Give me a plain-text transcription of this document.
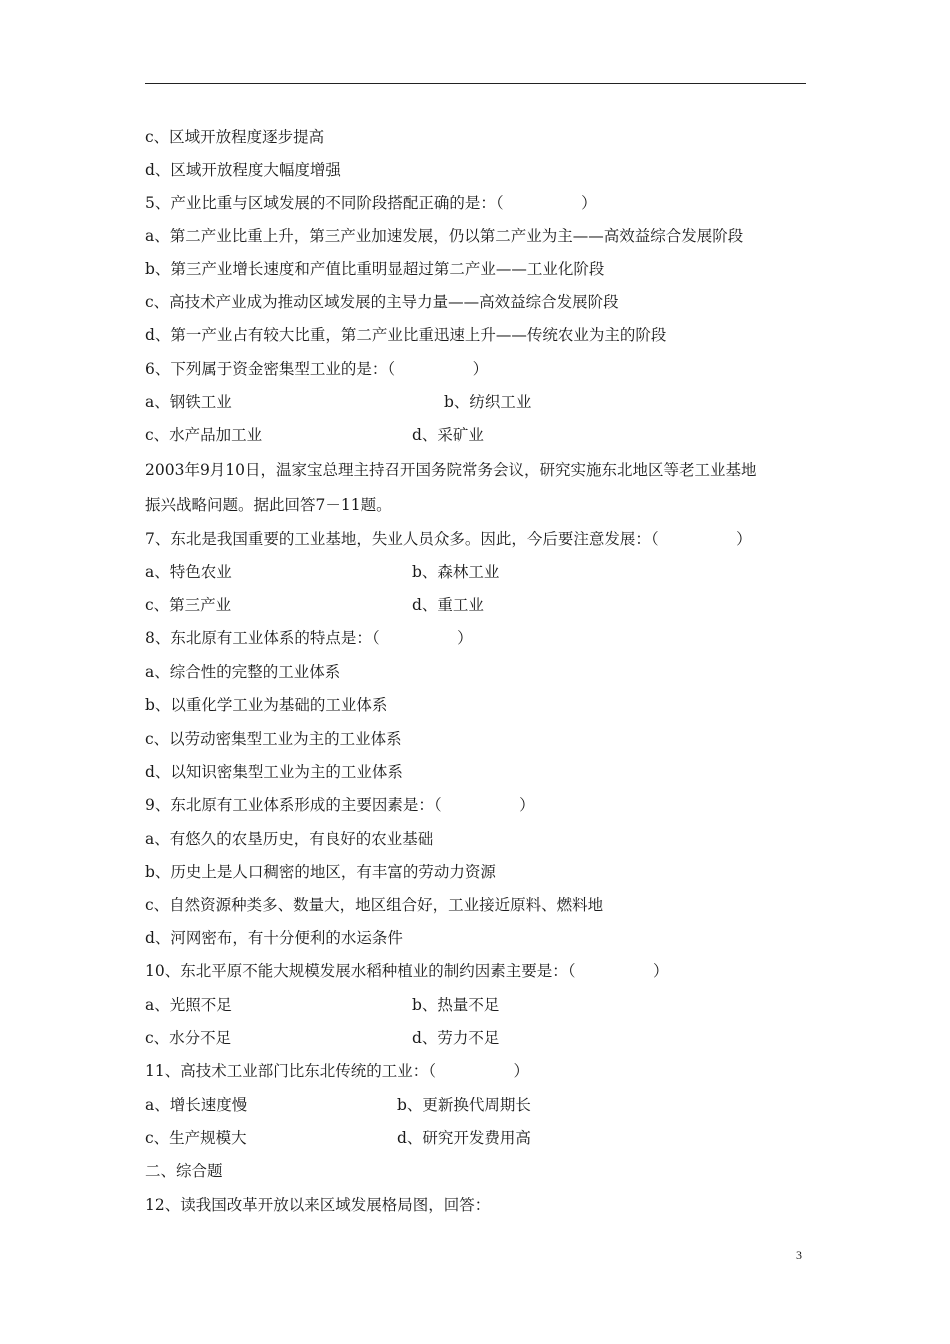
c、区域开放程度逐步提高
d、区域开放程度大幅度增强
5、产业比重与区域发展的不同阶段搭配正确的是：（　　　　　）
a、第二产业比重上升，第三产业加速发展，仍以第二产业为主——高效益综合发展阶段
b、第三产业增长速度和产值比重明显超过第二产业——工业化阶段
c、高技术产业成为推动区域发展的主导力量——高效益综合发展阶段
d、第一产业占有较大比重，第二产业比重迅速上升——传统农业为主的阶段
6、下列属于资金密集型工业的是：（　　　　　）
a、钢铁工业	b、纺织工业
c、水产品加工业	d、采矿业
2003年9月10日，温家宝总理主持召开国务院常务会议，研究实施东北地区等老工业基地
振兴战略问题。据此回答7－11题。
7、东北是我国重要的工业基地，失业人员众多。因此，今后要注意发展：（　　　　　）
a、特色农业	b、森林工业
c、第三产业	d、重工业
8、东北原有工业体系的特点是：（　　　　　）
a、综合性的完整的工业体系
b、以重化学工业为基础的工业体系
c、以劳动密集型工业为主的工业体系
d、以知识密集型工业为主的工业体系
9、东北原有工业体系形成的主要因素是：（　　　　　）
a、有悠久的农垦历史，有良好的农业基础
b、历史上是人口稠密的地区，有丰富的劳动力资源
c、自然资源种类多、数量大，地区组合好，工业接近原料、燃料地
d、河网密布，有十分便利的水运条件
10、东北平原不能大规模发展水稻种植业的制约因素主要是：（　　　　　）
a、光照不足	b、热量不足
c、水分不足	d、劳力不足
11、高技术工业部门比东北传统的工业：（　　　　　）
a、增长速度慢	b、更新换代周期长
c、生产规模大	d、研究开发费用高
二、综合题
12、读我国改革开放以来区域发展格局图，回答：
3
